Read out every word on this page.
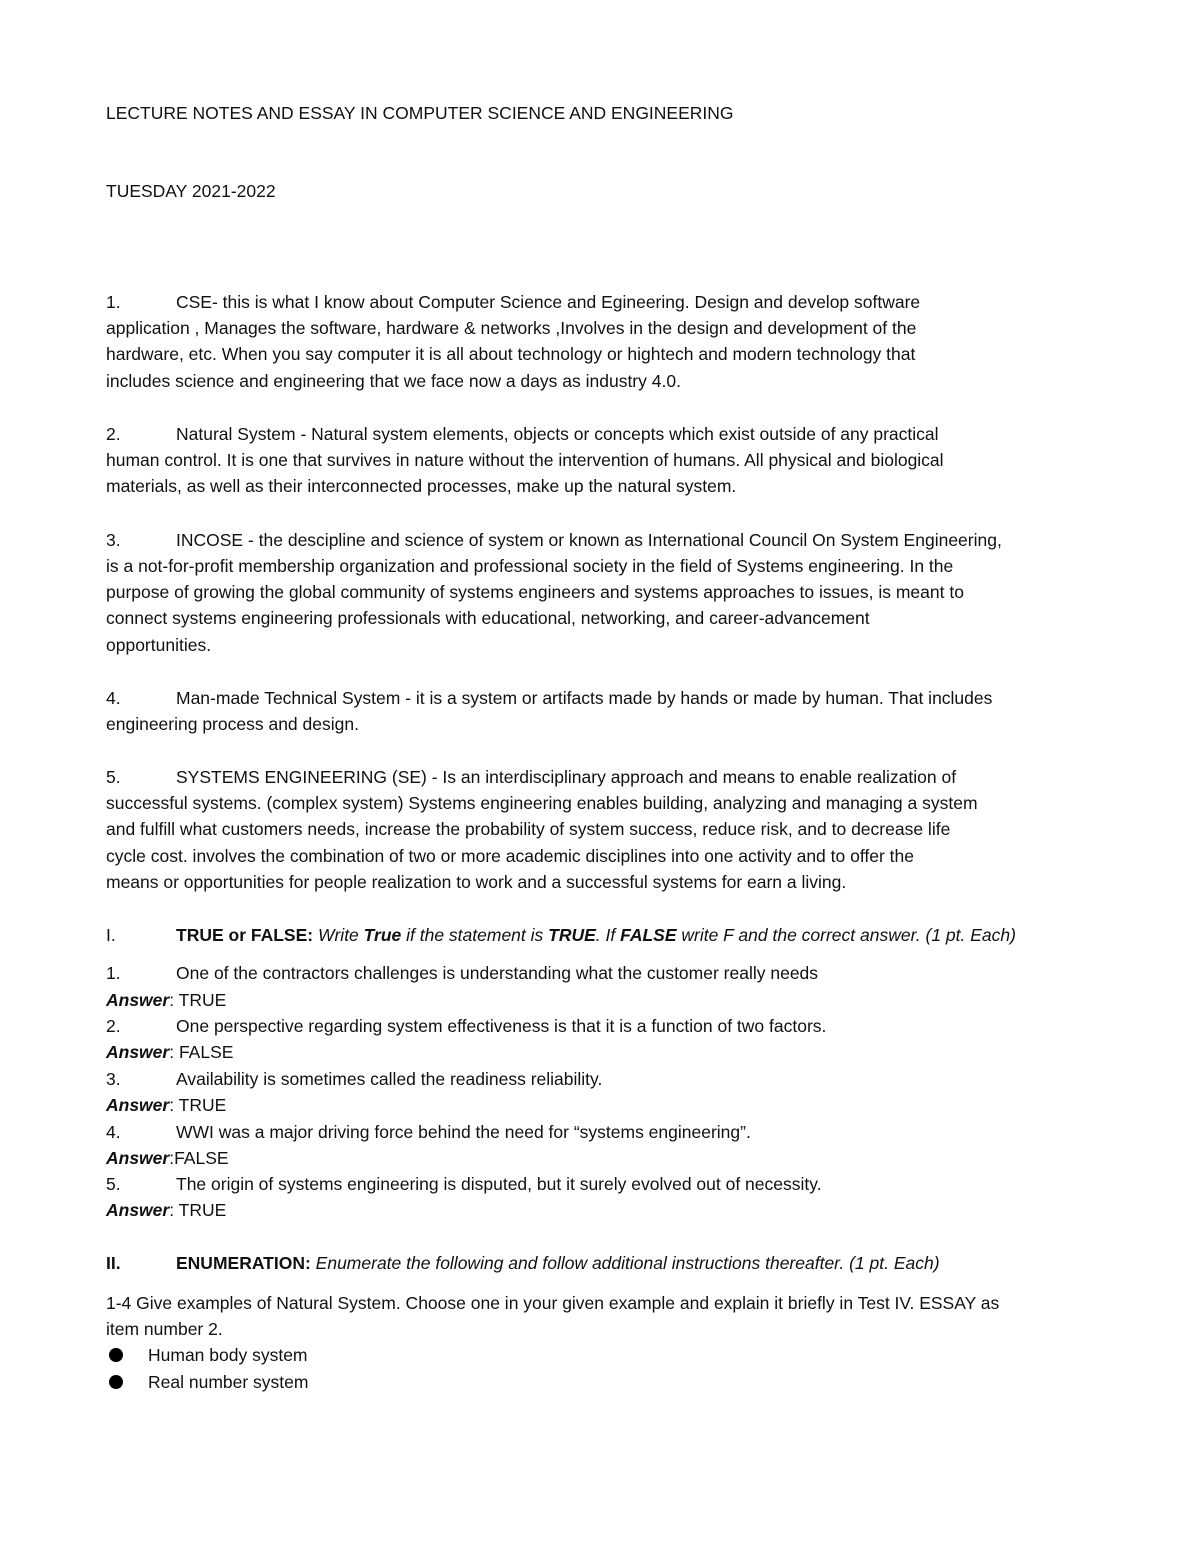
LECTURE NOTES AND ESSAY IN COMPUTER SCIENCE AND ENGINEERING
TUESDAY 2021-2022
1.	CSE- this is what I know about Computer Science and Egineering. Design and develop software
application , Manages the software, hardware & networks ,Involves in the design and development of the
hardware, etc. When you say computer it is all about technology or hightech and modern technology that
includes science and engineering that we face now a days as industry 4.0.
2.	Natural System - Natural system elements, objects or concepts which exist outside of any practical
human control. It is one that survives in nature without the intervention of humans. All physical and biological
materials, as well as their interconnected processes, make up the natural system.
3.	INCOSE - the descipline and science of system or known as International Council On System Engineering,
is a not-for-profit membership organization and professional society in the field of Systems engineering. In the
purpose of growing the global community of systems engineers and systems approaches to issues, is meant to
connect systems engineering professionals with educational, networking, and career-advancement
opportunities.
4.	Man-made Technical System - it is a system or artifacts made by hands or made by human. That includes
engineering process and design.
5.	SYSTEMS ENGINEERING (SE) - Is an interdisciplinary approach and means to enable realization of
successful systems. (complex system) Systems engineering enables building, analyzing and managing a system
and fulfill what customers needs, increase the probability of system success, reduce risk, and to decrease life
cycle cost. involves the combination of two or more academic disciplines into one activity and to offer the
means or opportunities for people realization to work and a successful systems for earn a living.
I.	TRUE or FALSE: Write True if the statement is TRUE. If FALSE write F and the correct answer. (1 pt. Each)
1.	One of the contractors challenges is understanding what the customer really needs
Answer: TRUE
2.	One perspective regarding system effectiveness is that it is a function of two factors.
Answer: FALSE
3.	Availability is sometimes called the readiness reliability.
Answer: TRUE
4.	WWI was a major driving force behind the need for “systems engineering”.
Answer:FALSE
5.	The origin of systems engineering is disputed, but it surely evolved out of necessity.
Answer: TRUE
II.	ENUMERATION: Enumerate the following and follow additional instructions thereafter. (1 pt. Each)
1-4 Give examples of Natural System. Choose one in your given example and explain it briefly in Test IV. ESSAY as
item number 2.
Human body system
Real number system
